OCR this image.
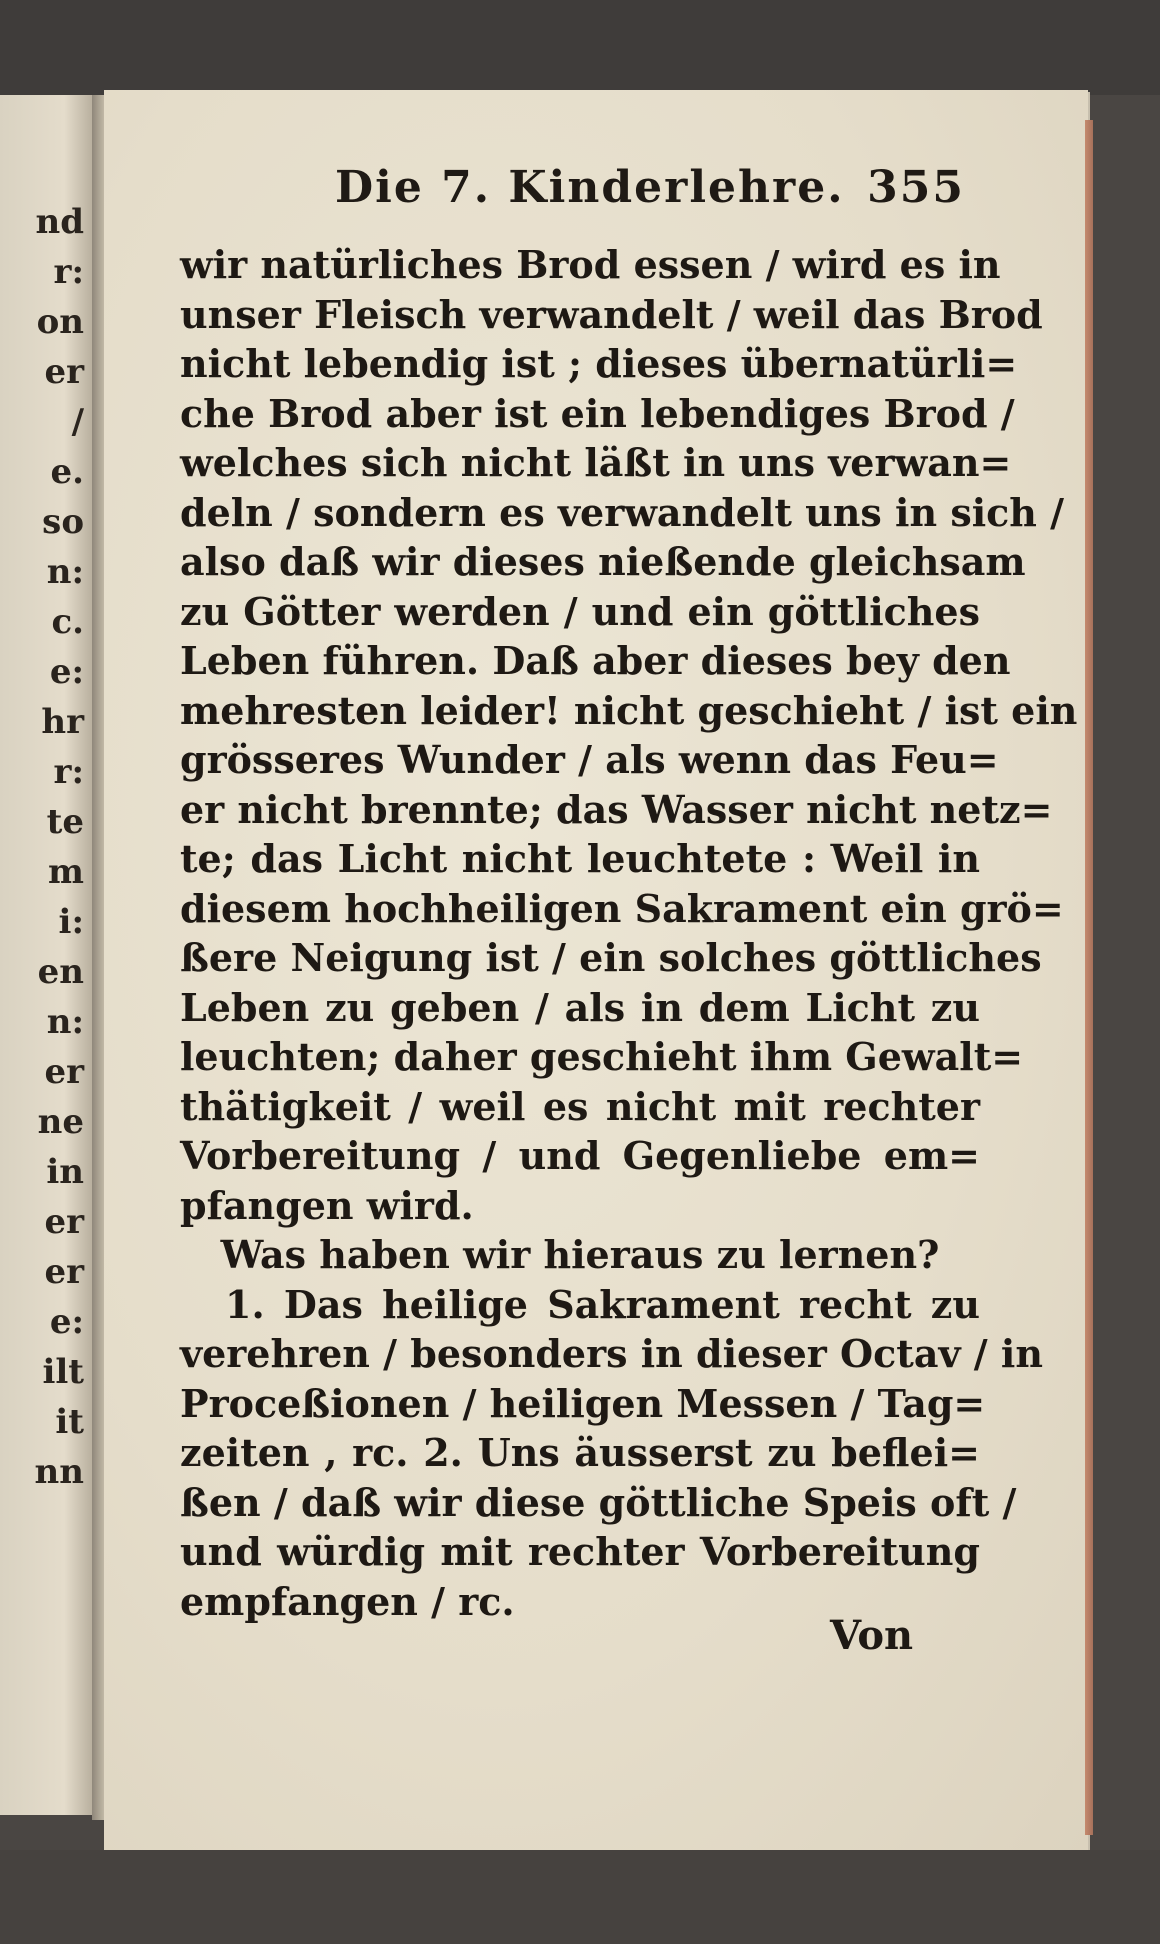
nd
r:
on
er
/
e.
so
n:
c.
e:
hr
r:
te
m
i:
en
n:
er
ne
in
er
er
e:
ilt
it
nn
Die 7. Kinderlehre. 355
wir natürliches Brod essen / wird es in
unser Fleisch verwandelt / weil das Brod
nicht lebendig ist ; dieses übernatürli=
che Brod aber ist ein lebendiges Brod /
welches sich nicht läßt in uns verwan=
deln / sondern es verwandelt uns in sich /
also daß wir dieses nießende gleichsam
zu Götter werden / und ein göttliches
Leben führen. Daß aber dieses bey den
mehresten leider! nicht geschieht / ist ein
grösseres Wunder / als wenn das Feu=
er nicht brennte; das Wasser nicht netz=
te; das Licht nicht leuchtete : Weil in
diesem hochheiligen Sakrament ein grö=
ßere Neigung ist / ein solches göttliches
Leben zu geben / als in dem Licht zu
leuchten; daher geschieht ihm Gewalt=
thätigkeit / weil es nicht mit rechter
Vorbereitung / und Gegenliebe em=
pfangen wird.
Was haben wir hieraus zu lernen?
1. Das heilige Sakrament recht zu
verehren / besonders in dieser Octav / in
Proceßionen / heiligen Messen / Tag=
zeiten , rc. 2. Uns äusserst zu beflei=
ßen / daß wir diese göttliche Speis oft /
und würdig mit rechter Vorbereitung
empfangen / rc.
Von
